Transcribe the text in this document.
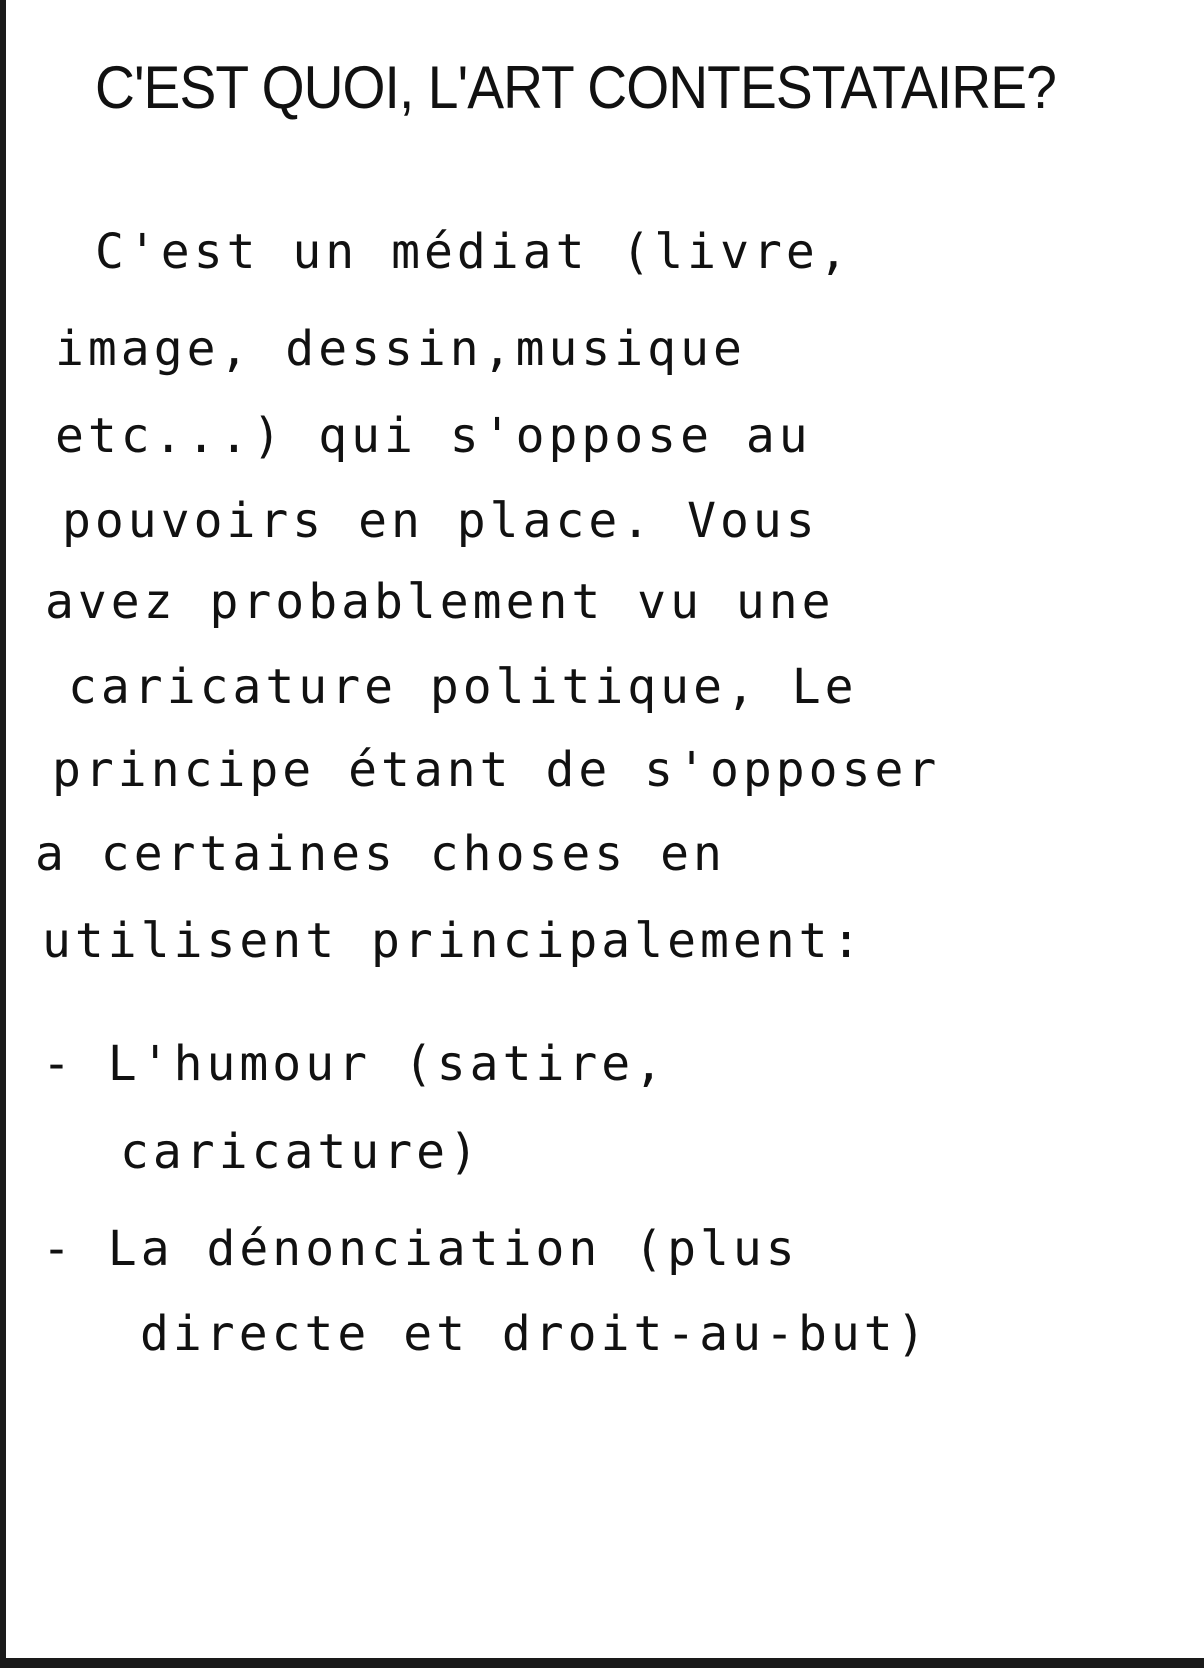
C'EST QUOI, L'ART CONTESTATAIRE?
C'est un médiat (livre,
image, dessin,musique
etc...) qui s'oppose au
pouvoirs en place. Vous
avez probablement vu une
caricature politique, Le
principe étant de s'opposer
a certaines choses en
utilisent principalement:
- L'humour (satire,
caricature)
- La dénonciation (plus
directe et droit-au-but)
